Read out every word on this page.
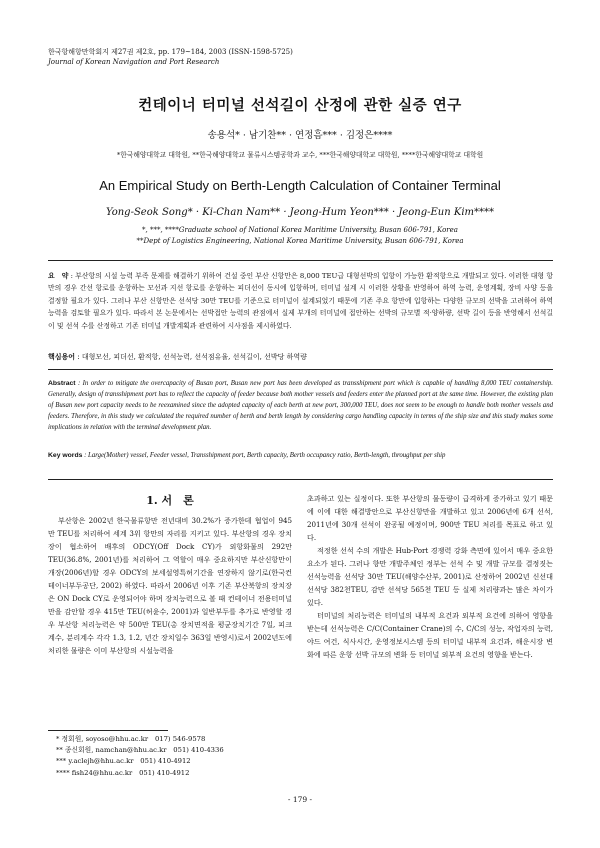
한국항해항만학회지 제27권 제2호, pp. 179~184, 2003 (ISSN-1598-5725)
Journal of Korean Navigation and Port Research
컨테이너 터미널 선석길이 산정에 관한 실증 연구
송용석* · 남기찬** · 연정흠*** · 김정은****
*한국해양대학교 대학원, **한국해양대학교 물류시스템공학과 교수, ***한국해양대학교 대학원, ****한국해양대학교 대학원
An Empirical Study on Berth-Length Calculation of Container Terminal
Yong-Seok Song* · Ki-Chan Nam** · Jeong-Hum Yeon*** · Jeong-Eun Kim****
*, ***, ****Graduate school of National Korea Maritime University, Busan 606-791, Korea
**Dept of Logistics Engineering, National Korea Maritime University, Busan 606-791, Korea
요　약 : 부산항의 시설 능력 부족 문제를 해결하기 위하여 건설 중인 부산 신항만은 8,000 TEU급 대형선박의 입항이 가능한 환적항으로 개발되고 있다. 이러한 대형 항만의 경우 간선 항로를 운항하는 모선과 지선 항로를 운항하는 피더선이 동시에 입항하며, 터미널 설계 시 이러한 상황을 반영하여 하역 능력, 운영계획, 장비 사양 등을 결정할 필요가 있다. 그러나 부산 신항만은 선석당 30만 TEU를 기준으로 터미널이 설계되었기 때문에 기존 주요 항만에 입항하는 다양한 규모의 선박을 고려하여 하역 능력을 검토할 필요가 있다. 따라서 본 논문에서는 선박접안 능력의 관점에서 실제 부개의 터미널에 접안하는 선박의 규모별 적·양하량, 선박 길이 등을 반영해서 선석길이 및 선석 수를 산정하고 기존 터미널 개발계획과 관련하여 시사점을 제시하였다.
핵심용어 : 대형모선, 피더선, 환적항, 선석능력, 선석점유율, 선석길이, 선박당 하역량
Abstract : In order to mitigate the overcapacity of Busan port, Busan new port has been developed as transshipment port which is capable of handling 8,000 TEU containership. Generally, design of transshipment port has to reflect the capacity of feeder because both mother vessels and feeders enter the planned port at the same time. However, the existing plan of Busan new port capacity needs to be reexamined since the adopted capacity of each berth at new port, 300,000 TEU, does not seem to be enough to handle both mother vessels and feeders. Therefore, in this study we calculated the required number of berth and berth length by considering cargo handling capacity in terms of the ship size and this study makes some implications in relation with the terminal development plan.
Key words : Large(Mother) vessel, Feeder vessel, Transshipment port, Berth capacity, Berth occupancy ratio, Berth-length, throughput per ship
1. 서　론

부산항은 2002년 한국물류항만 전년대비 30.2%가 증가한데 협업이 945만 TEU를 처리하여 세계 3위 항만의 자리를 지키고 있다. 부산항의 경우 장치장이 협소하여 배후의 ODCY(Off Dock CY)가 외항화물의 292만 TEU(36.8%, 2001년)를 처리하여 그 역할이 매우 중요하지만 부산신항만이 개장(2006년)할 경우 ODCY의 보세설영특허기간을 연장하지 않기로(한국컨테이너부두공단, 2002) 하였다. 따라서 2006년 이후 기존 부산북항의 장치장은 ON Dock CY로 운영되어야 하며 장치능력으로 볼 때 컨테이너 전용터미널만을 감안할 경우 415만 TEU(허윤수, 2001)과 일반부두를 추가로 반영할 경우 부산항 처리능력은 약 500만 TEU(총 장치면적을 평균장치기간 7일, 피크계수, 분리계수 각각 1.3, 1.2, 년간 장치일수 363일 반영시)로서 2002년도에 처리한 물량은 이미 부산항의 시설능력을

초과하고 있는 실정이다. 또한 부산항의 물동량이 급격하게 증가하고 있기 때문에 이에 대한 해결방안으로 부산신항만을 개발하고 있고 2006년에 6개 선석, 2011년에 30개 선석이 완공될 예정이며, 900만 TEU 처리를 목표로 하고 있다.

적정한 선석 수의 개발은 Hub-Port 경쟁력 강화 측면에 있어서 매우 중요한 요소가 된다. 그러나 향만 개발주체인 정부는 선석 수 및 개발 규모를 결정짓는 선석능력을 선석당 30만 TEU(해양수산부, 2001)로 산정하여 2002년 신선대 선석당 382천TEU, 감만 선석당 565천 TEU 등 실제 처리량과는 많은 차이가 있다.

터미널의 처리능력은 터미널의 내부적 요건과 외부적 요건에 의하여 영향을 받는데 선석능력은 C/C(Container Crane)의 수, C/C의 성능, 작업자의 능력, 야드 여건, 식사시간, 운영정보시스템 등의 터미널 내부적 요건과, 해운시장 변화에 따른 운항 선박 규모의 변화 등 터미널 외부적 요건의 영향을 받는다.

* 정회원, soyoso@hhu.ac.kr　017) 546-9578
** 종신회원, namchan@hhu.ac.kr　051) 410-4336
*** y.aclejh@hhu.ac.kr　051) 410-4912
**** fish24@hhu.ac.kr　051) 410-4912
- 179 -
